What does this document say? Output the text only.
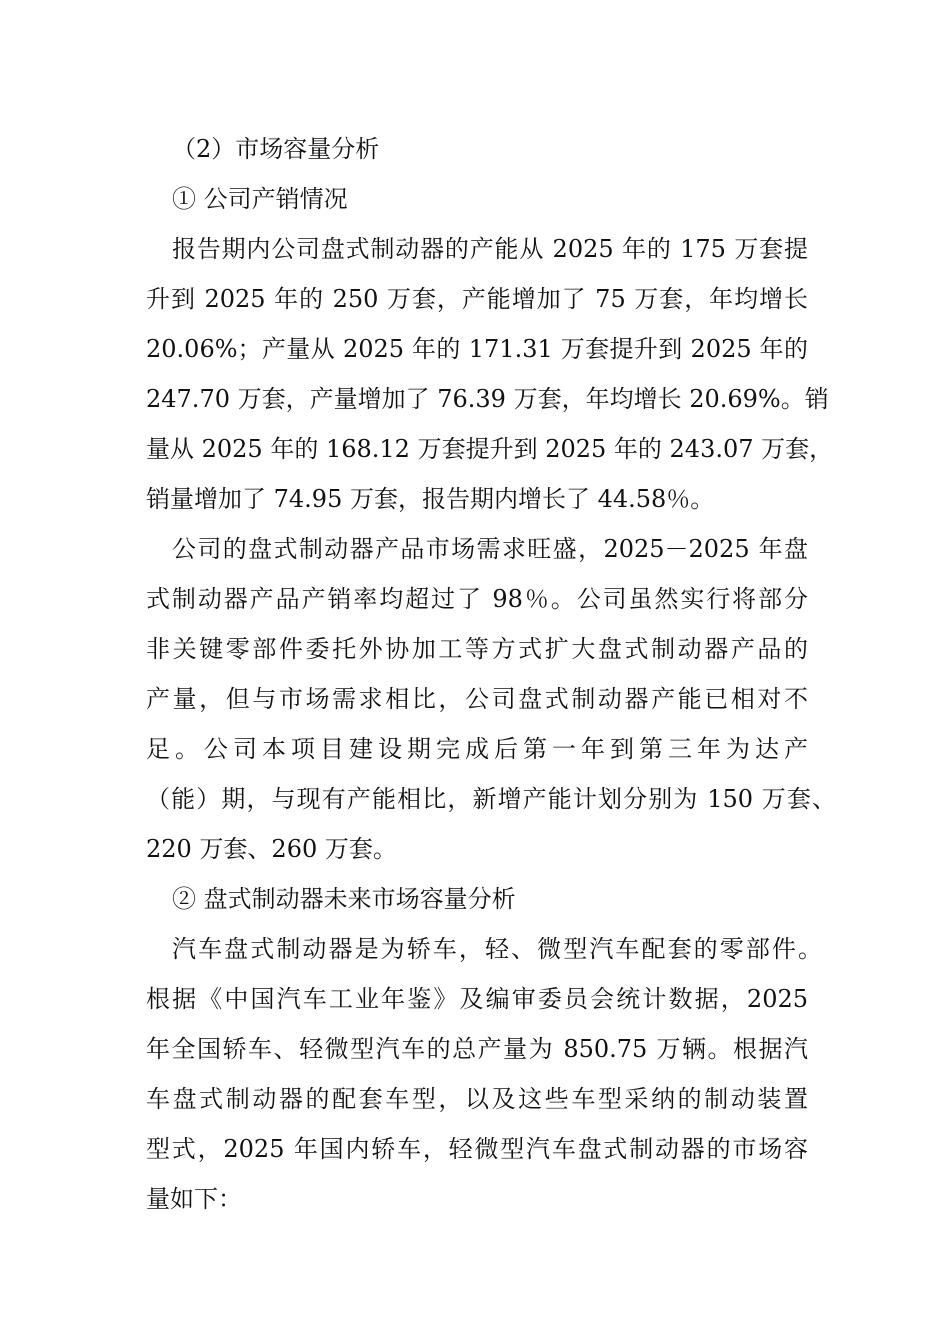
（2）市场容量分析
① 公司产销情况
报告期内公司盘式制动器的产能从 2025 年的 175 万套提
升到 2025 年的 250 万套，产能增加了 75 万套，年均增长
20.06%；产量从 2025 年的 171.31 万套提升到 2025 年的
247.70 万套，产量增加了 76.39 万套，年均增长 20.69%。销
量从 2025 年的 168.12 万套提升到 2025 年的 243.07 万套，
销量增加了 74.95 万套，报告期内增长了 44.58％。
公司的盘式制动器产品市场需求旺盛，2025－2025 年盘
式制动器产品产销率均超过了 98％。公司虽然实行将部分
非关键零部件委托外协加工等方式扩大盘式制动器产品的
产量，但与市场需求相比，公司盘式制动器产能已相对不
足。公司本项目建设期完成后第一年到第三年为达产
（能）期，与现有产能相比，新增产能计划分别为 150 万套、
220 万套、260 万套。
② 盘式制动器未来市场容量分析
汽车盘式制动器是为轿车，轻、微型汽车配套的零部件。
根据《中国汽车工业年鉴》及编审委员会统计数据，2025
年全国轿车、轻微型汽车的总产量为 850.75 万辆。根据汽
车盘式制动器的配套车型，以及这些车型采纳的制动装置
型式，2025 年国内轿车，轻微型汽车盘式制动器的市场容
量如下：
